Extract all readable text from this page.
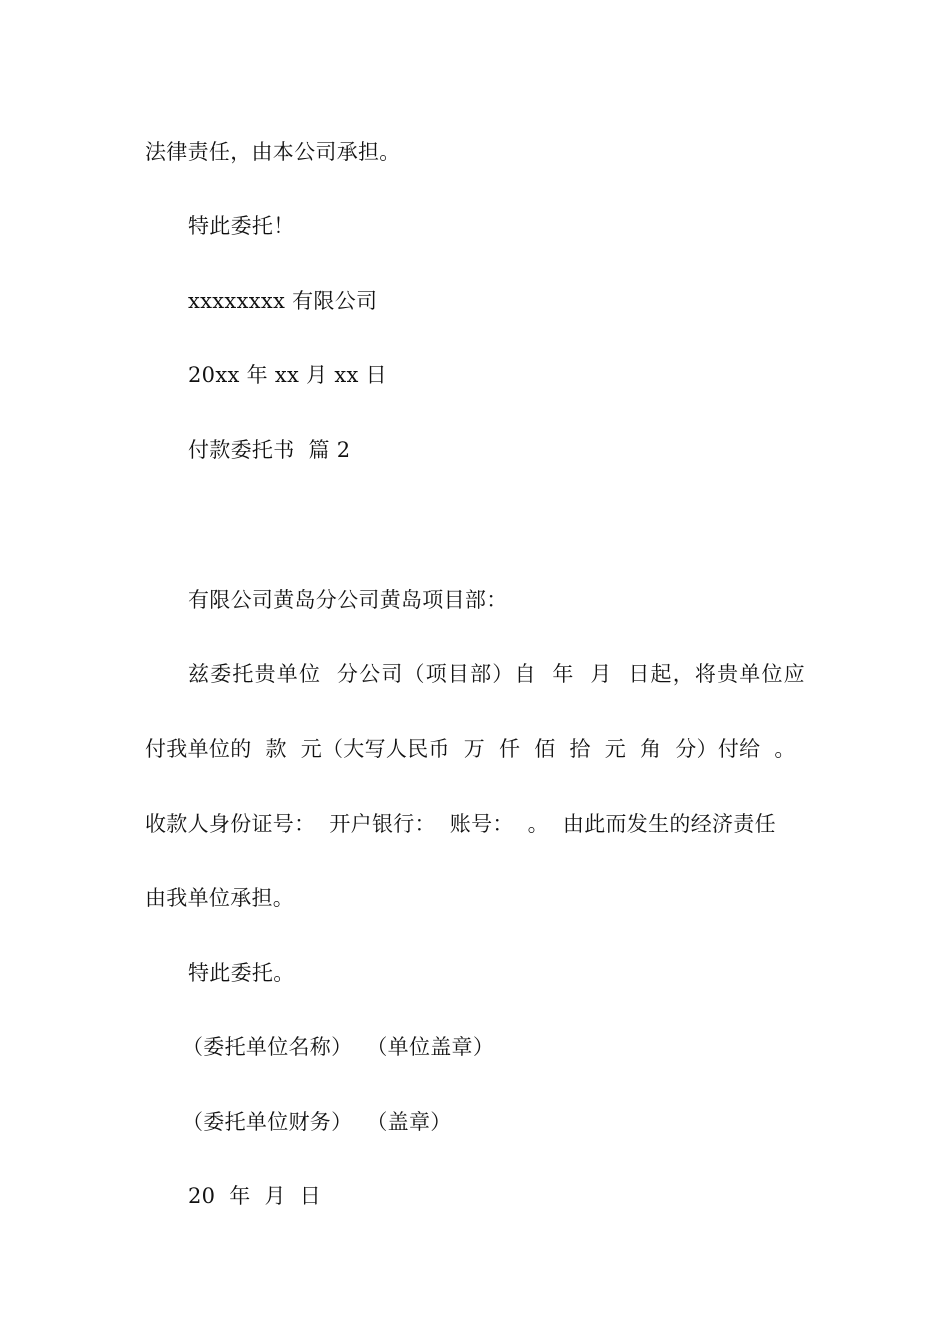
法律责任，由本公司承担。
特此委托！
xxxxxxxx 有限公司
20xx 年 xx 月 xx 日
付款委托书  篇 2
有限公司黄岛分公司黄岛项目部：
兹委托贵单位  分公司（项目部）自  年  月  日起，将贵单位应
付我单位的  款  元（大写人民币  万  仟  佰  拾  元  角  分）付给  。
收款人身份证号：  开户银行：  账号：  。  由此而发生的经济责任
由我单位承担。
特此委托。
（委托单位名称）  （单位盖章）
（委托单位财务）  （盖章）
20  年  月  日
